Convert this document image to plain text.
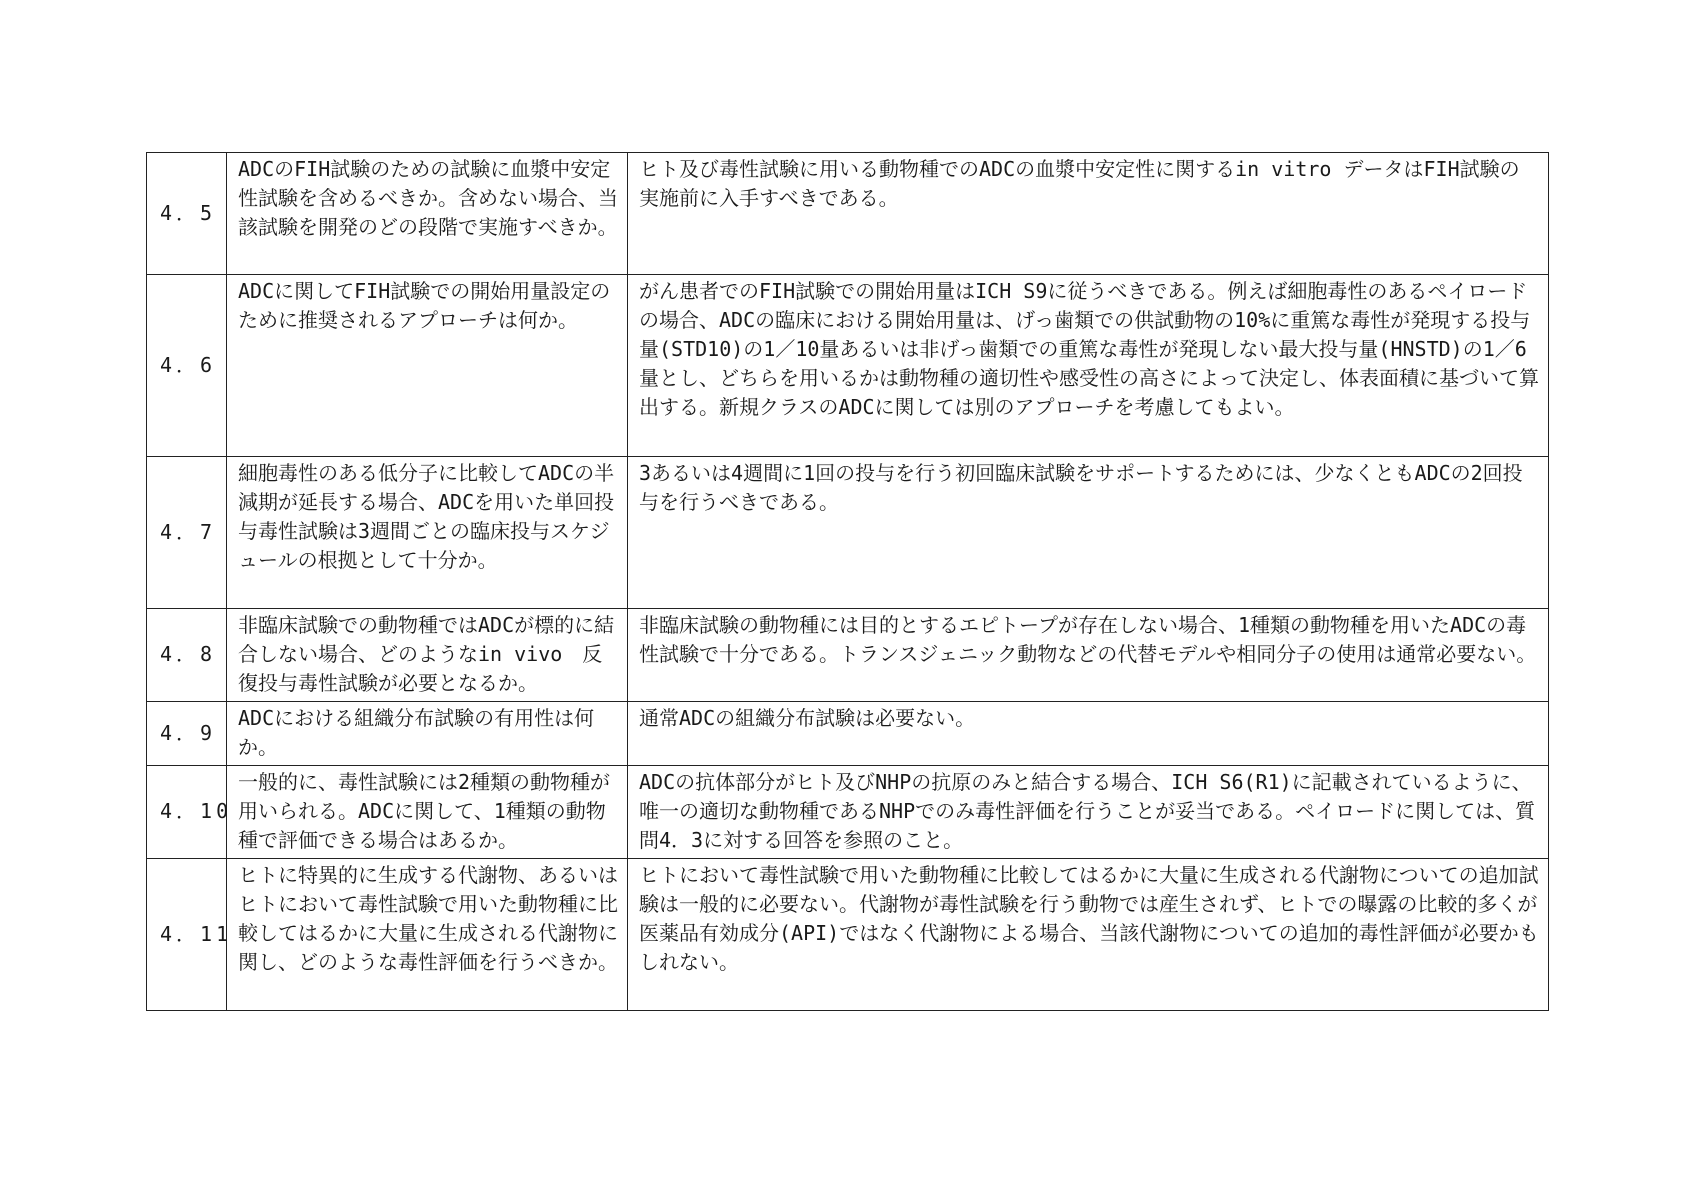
4．5	ADCのFIH試験のための試験に血漿中安定性試験を含めるべきか。含めない場合、当該試験を開発のどの段階で実施すべきか。	ヒト及び毒性試験に用いる動物種でのADCの血漿中安定性に関するin vitro データはFIH試験の実施前に入手すべきである。
4．6	ADCに関してFIH試験での開始用量設定のために推奨されるアプローチは何か。	がん患者でのFIH試験での開始用量はICH S9に従うべきである。例えば細胞毒性のあるペイロードの場合、ADCの臨床における開始用量は、げっ歯類での供試動物の10%に重篤な毒性が発現する投与量(STD10)の1／10量あるいは非げっ歯類での重篤な毒性が発現しない最大投与量(HNSTD)の1／6量とし、どちらを用いるかは動物種の適切性や感受性の高さによって決定し、体表面積に基づいて算出する。新規クラスのADCに関しては別のアプローチを考慮してもよい。
4．7	細胞毒性のある低分子に比較してADCの半減期が延長する場合、ADCを用いた単回投与毒性試験は3週間ごとの臨床投与スケジュールの根拠として十分か。	3あるいは4週間に1回の投与を行う初回臨床試験をサポートするためには、少なくともADCの2回投与を行うべきである。
4．8	非臨床試験での動物種ではADCが標的に結合しない場合、どのようなin vivo　反復投与毒性試験が必要となるか。	非臨床試験の動物種には目的とするエピトープが存在しない場合、1種類の動物種を用いたADCの毒性試験で十分である。トランスジェニック動物などの代替モデルや相同分子の使用は通常必要ない。
4．9	ADCにおける組織分布試験の有用性は何か。	通常ADCの組織分布試験は必要ない。
4．10	一般的に、毒性試験には2種類の動物種が用いられる。ADCに関して、1種類の動物種で評価できる場合はあるか。	ADCの抗体部分がヒト及びNHPの抗原のみと結合する場合、ICH S6(R1)に記載されているように、唯一の適切な動物種であるNHPでのみ毒性評価を行うことが妥当である。ペイロードに関しては、質問4．3に対する回答を参照のこと。
4．11	ヒトに特異的に生成する代謝物、あるいはヒトにおいて毒性試験で用いた動物種に比較してはるかに大量に生成される代謝物に関し、どのような毒性評価を行うべきか。	ヒトにおいて毒性試験で用いた動物種に比較してはるかに大量に生成される代謝物についての追加試験は一般的に必要ない。代謝物が毒性試験を行う動物では産生されず、ヒトでの曝露の比較的多くが医薬品有効成分(API)ではなく代謝物による場合、当該代謝物についての追加的毒性評価が必要かもしれない。
